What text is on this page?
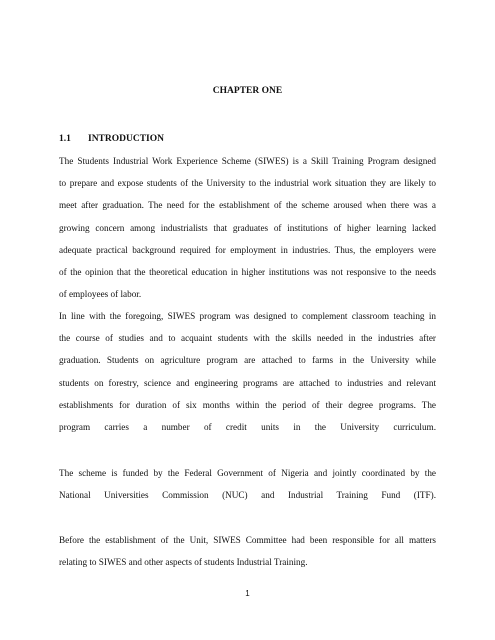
CHAPTER ONE
1.1 INTRODUCTION
The Students Industrial Work Experience Scheme (SIWES) is a Skill Training Program designed
to prepare and expose students of the University to the industrial work situation they are likely to
meet after graduation. The need for the establishment of the scheme aroused when there was a
growing concern among industrialists that graduates of institutions of higher learning lacked
adequate practical background required for employment in industries. Thus, the employers were
of the opinion that the theoretical education in higher institutions was not responsive to the needs
of employees of labor.
In line with the foregoing, SIWES program was designed to complement classroom teaching in
the course of studies and to acquaint students with the skills needed in the industries after
graduation. Students on agriculture program are attached to farms in the University while
students on forestry, science and engineering programs are attached to industries and relevant
establishments for duration of six months within the period of their degree programs. The
program carries a number of credit units in the University curriculum.
The scheme is funded by the Federal Government of Nigeria and jointly coordinated by the
National Universities Commission (NUC) and Industrial Training Fund (ITF).
Before the establishment of the Unit, SIWES Committee had been responsible for all matters
relating to SIWES and other aspects of students Industrial Training.
1
